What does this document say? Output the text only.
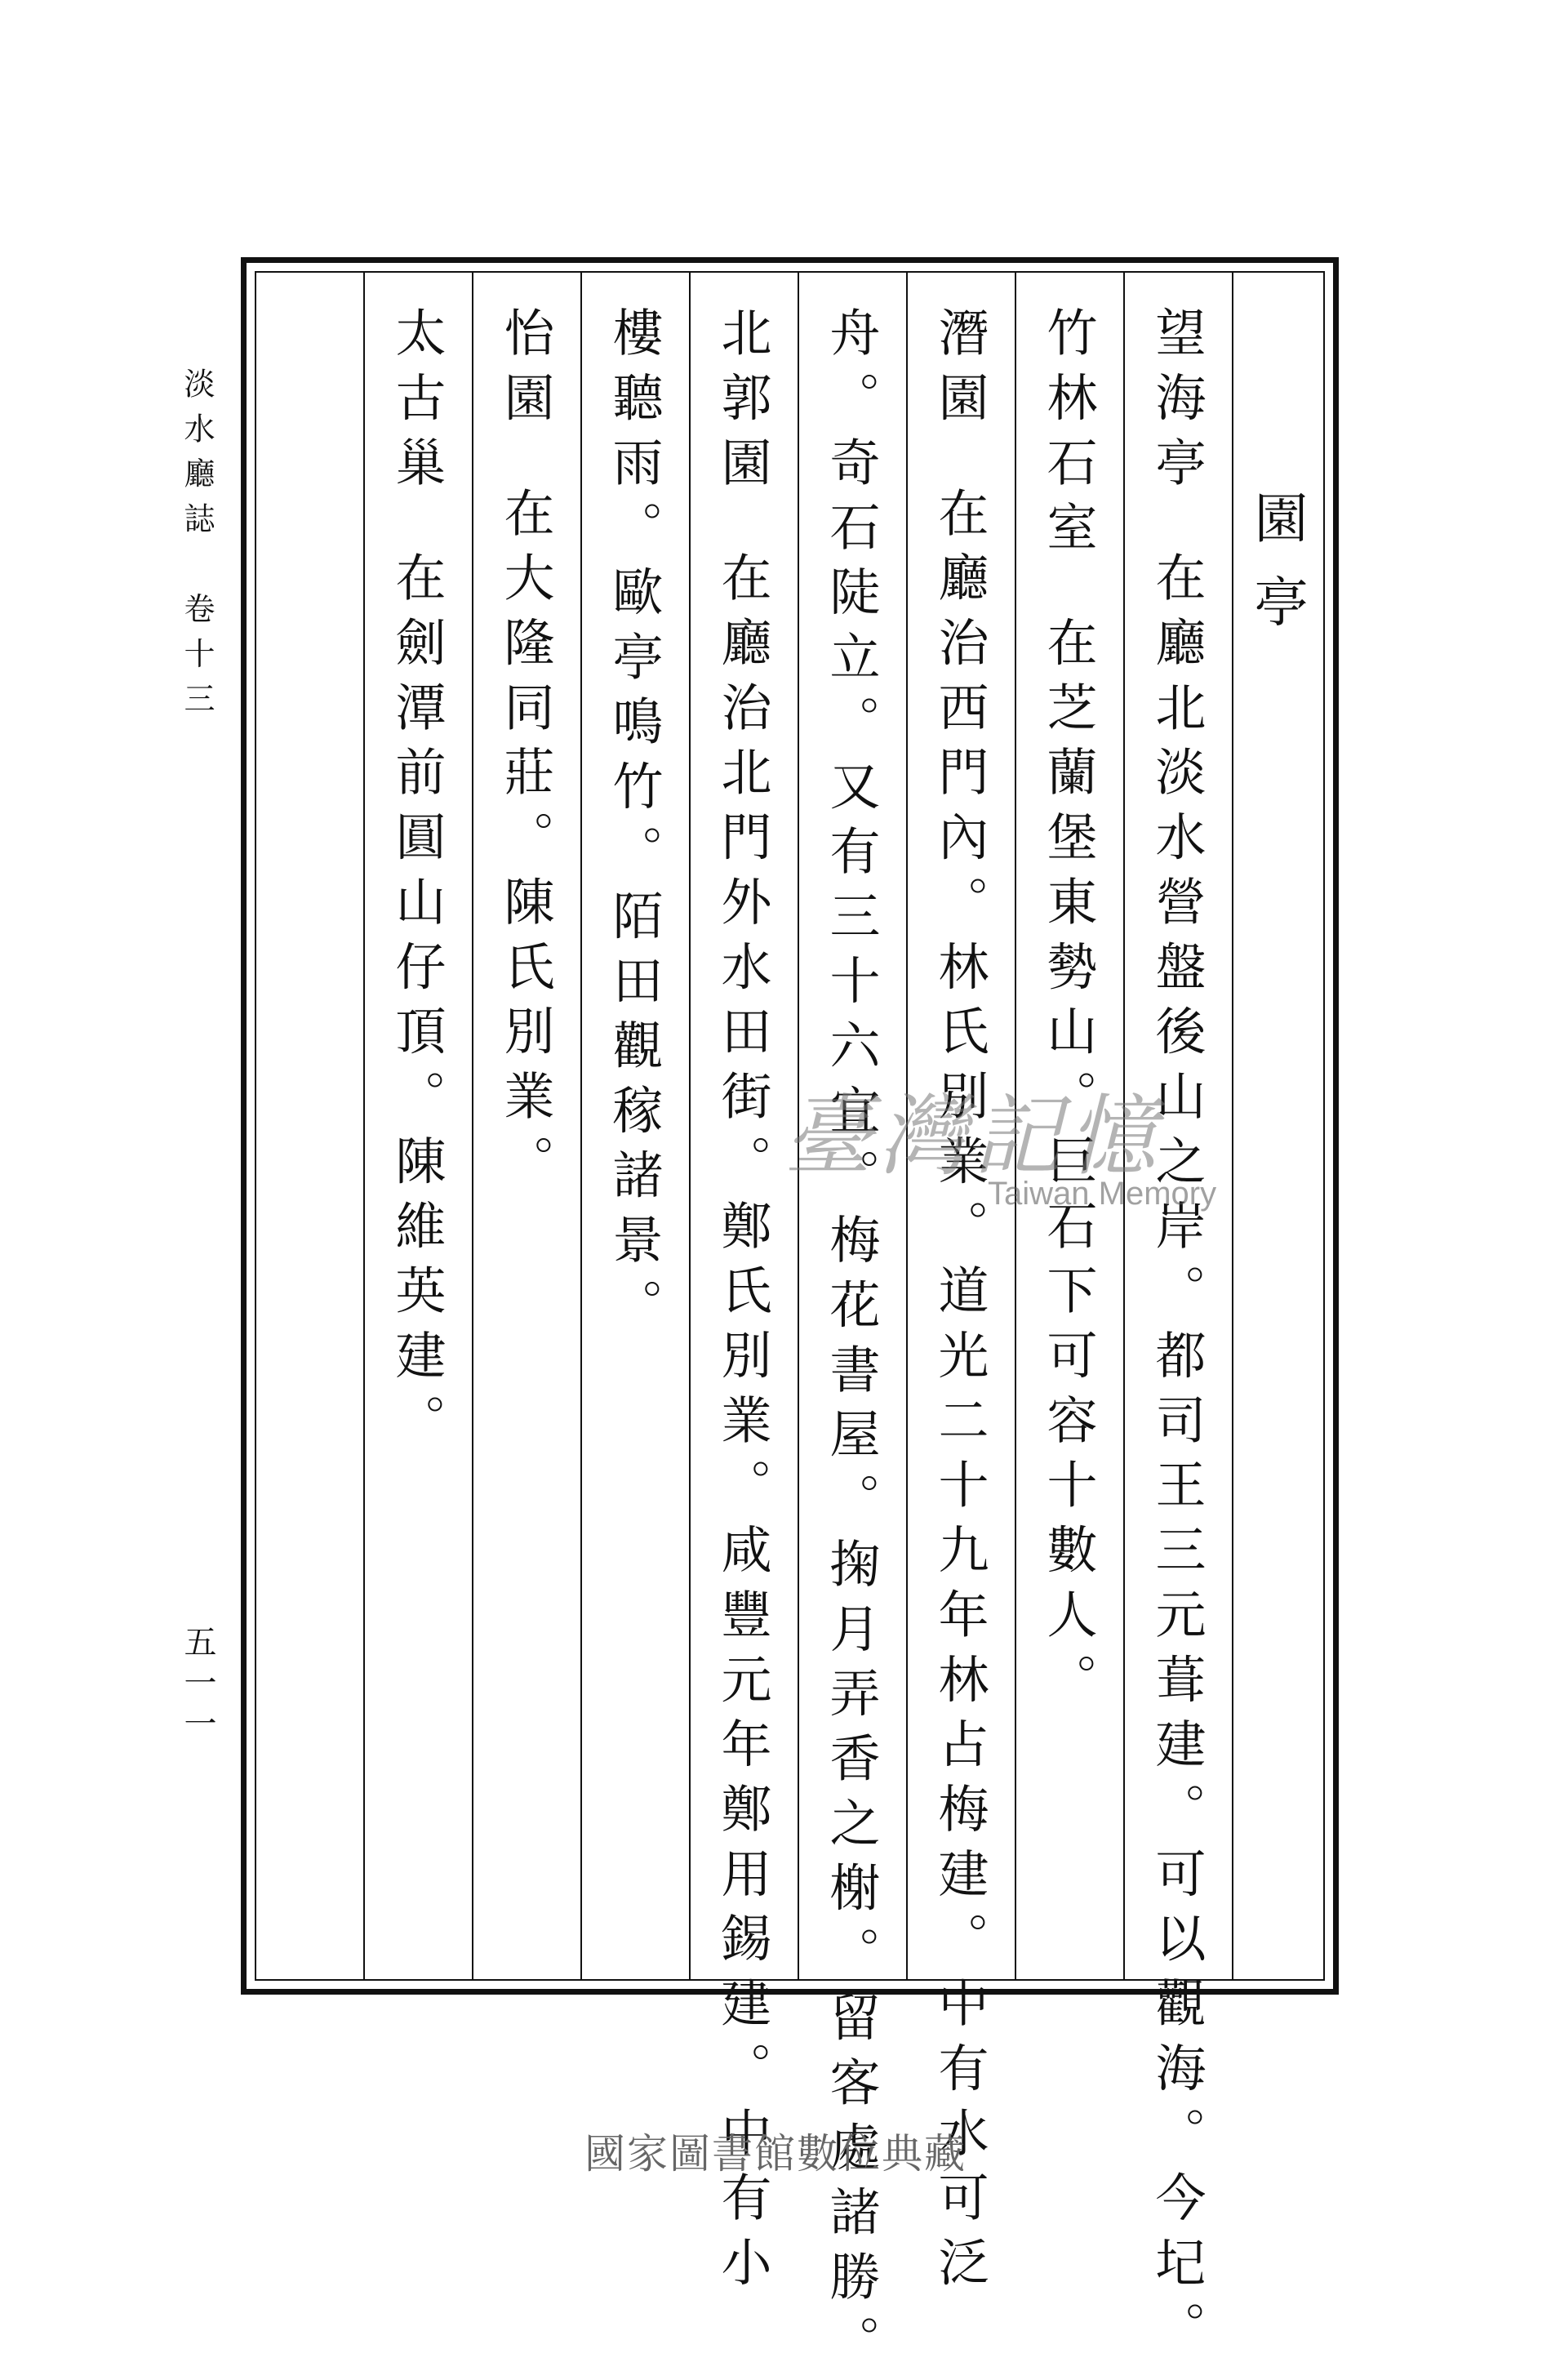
淡水廳誌　卷十三
五一一
園亭
望海亭在廳北淡水營盤後山之岸。都司王三元葺建。可以觀海。今圮。
竹林石室在芝蘭堡東勢山。巨石下可容十數人。
潛園在廳治西門內。林氏別業。道光二十九年林占梅建。中有水可泛
舟。奇石陡立。又有三十六宜。梅花書屋。掬月弄香之榭。留客處諸勝。
北郭園在廳治北門外水田街。鄭氏別業。咸豐元年鄭用錫建。中有小
樓聽雨。歐亭鳴竹。陌田觀稼諸景。
怡園在大隆同莊。陳氏別業。
太古巢在劍潭前圓山仔頂。陳維英建。	臺灣記憶
Taiwan Memory
國家圖書館數位典藏
